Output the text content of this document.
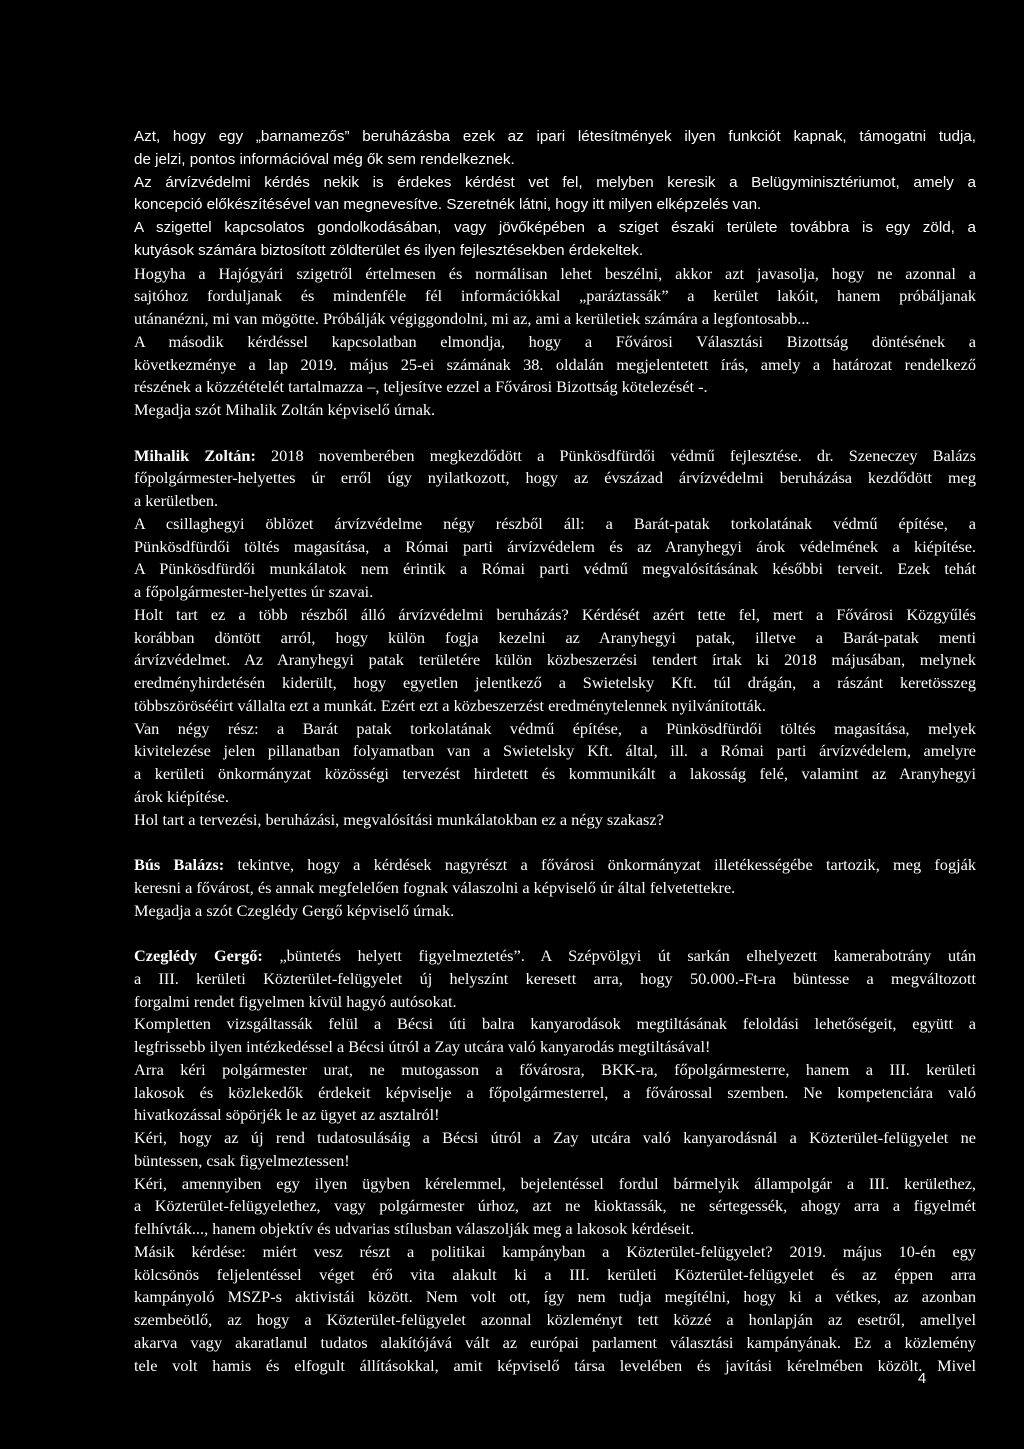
Azt, hogy egy „barnamezős” beruházásba ezek az ipari létesítmények ilyen funkciót kapnak, támogatni tudja,
de jelzi, pontos információval még ők sem rendelkeznek.
Az árvízvédelmi kérdés nekik is érdekes kérdést vet fel, melyben keresik a Belügyminisztériumot, amely a
koncepció előkészítésével van megnevesítve. Szeretnék látni, hogy itt milyen elképzelés van.
A szigettel kapcsolatos gondolkodásában, vagy jövőképében a sziget északi területe továbbra is egy zöld, a
kutyások számára biztosított zöldterület és ilyen fejlesztésekben érdekeltek.
Hogyha a Hajógyári szigetről értelmesen és normálisan lehet beszélni, akkor azt javasolja, hogy ne azonnal a
sajtóhoz forduljanak és mindenféle fél információkkal „paráztassák” a kerület lakóit, hanem próbáljanak
utánanézni, mi van mögötte. Próbálják végiggondolni, mi az, ami a kerületiek számára a legfontosabb...
A második kérdéssel kapcsolatban elmondja, hogy a Fővárosi Választási Bizottság döntésének a
következménye a lap 2019. május 25-ei számának 38. oldalán megjelentetett írás, amely a határozat rendelkező
részének a közzétételét tartalmazza –, teljesítve ezzel a Fővárosi Bizottság kötelezését -.
Megadja szót Mihalik Zoltán képviselő úrnak.
Mihalik Zoltán: 2018 novemberében megkezdődött a Pünkösdfürdői védmű fejlesztése. dr. Szeneczey Balázs
főpolgármester-helyettes úr erről úgy nyilatkozott, hogy az évszázad árvízvédelmi beruházása kezdődött meg
a kerületben.
A csillaghegyi öblözet árvízvédelme négy részből áll: a Barát-patak torkolatának védmű építése, a
Pünkösdfürdői töltés magasítása, a Római parti árvízvédelem és az Aranyhegyi árok védelmének a kiépítése.
A Pünkösdfürdői munkálatok nem érintik a Római parti védmű megvalósításának későbbi terveit. Ezek tehát
a főpolgármester-helyettes úr szavai.
Holt tart ez a több részből álló árvízvédelmi beruházás? Kérdését azért tette fel, mert a Fővárosi Közgyűlés
korábban döntött arról, hogy külön fogja kezelni az Aranyhegyi patak, illetve a Barát-patak menti
árvízvédelmet. Az Aranyhegyi patak területére külön közbeszerzési tendert írtak ki 2018 májusában, melynek
eredményhirdetésén kiderült, hogy egyetlen jelentkező a Swietelsky Kft. túl drágán, a rászánt keretösszeg
többszörösééirt vállalta ezt a munkát. Ezért ezt a közbeszerzést eredménytelennek nyilvánították.
Van négy rész: a Barát patak torkolatának védmű építése, a Pünkösdfürdői töltés magasítása, melyek
kivitelezése jelen pillanatban folyamatban van a Swietelsky Kft. által, ill. a Római parti árvízvédelem, amelyre
a kerületi önkormányzat közösségi tervezést hirdetett és kommunikált a lakosság felé, valamint az Aranyhegyi
árok kiépítése.
Hol tart a tervezési, beruházási, megvalósítási munkálatokban ez a négy szakasz?
Bús Balázs: tekintve, hogy a kérdések nagyrészt a fővárosi önkormányzat illetékességébe tartozik, meg fogják
keresni a fővárost, és annak megfelelően fognak válaszolni a képviselő úr által felvetettekre.
Megadja a szót Czeglédy Gergő képviselő úrnak.
Czeglédy Gergő: „büntetés helyett figyelmeztetés”. A Szépvölgyi út sarkán elhelyezett kamerabotrány után
a III. kerületi Közterület-felügyelet új helyszínt keresett arra, hogy 50.000.-Ft-ra büntesse a megváltozott
forgalmi rendet figyelmen kívül hagyó autósokat.
Kompletten vizsgáltassák felül a Bécsi úti balra kanyarodások megtiltásának feloldási lehetőségeit, együtt a
legfrissebb ilyen intézkedéssel a Bécsi útról a Zay utcára való kanyarodás megtiltásával!
Arra kéri polgármester urat, ne mutogasson a fővárosra, BKK-ra, főpolgármesterre, hanem a III. kerületi
lakosok és közlekedők érdekeit képviselje a főpolgármesterrel, a fővárossal szemben. Ne kompetenciára való
hivatkozással söpörjék le az ügyet az asztalról!
Kéri, hogy az új rend tudatosulásáig a Bécsi útról a Zay utcára való kanyarodásnál a Közterület-felügyelet ne
büntessen, csak figyelmeztessen!
Kéri, amennyiben egy ilyen ügyben kérelemmel, bejelentéssel fordul bármelyik állampolgár a III. kerülethez,
a Közterület-felügyelethez, vagy polgármester úrhoz, azt ne kioktassák, ne sértegessék, ahogy arra a figyelmét
felhívták..., hanem objektív és udvarias stílusban válaszolják meg a lakosok kérdéseit.
Másik kérdése: miért vesz részt a politikai kampányban a Közterület-felügyelet? 2019. május 10-én egy
kölcsönös feljelentéssel véget érő vita alakult ki a III. kerületi Közterület-felügyelet és az éppen arra
kampányoló MSZP-s aktivistái között. Nem volt ott, így nem tudja megítélni, hogy ki a vétkes, az azonban
szembeötlő, az hogy a Közterület-felügyelet azonnal közleményt tett közzé a honlapján az esetről, amellyel
akarva vagy akaratlanul tudatos alakítójává vált az európai parlament választási kampányának. Ez a közlemény
tele volt hamis és elfogult állításokkal, amit képviselő társa levelében és javítási kérelmében közölt. Mivel
4
